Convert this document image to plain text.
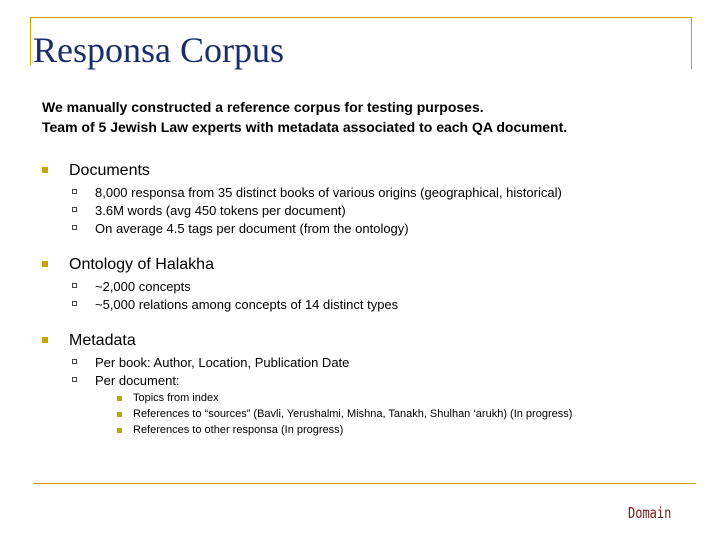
Responsa Corpus
We manually constructed a reference corpus for testing purposes.
Team of 5 Jewish Law experts with metadata associated to each QA document.
Documents
8,000 responsa from 35 distinct books of various origins (geographical, historical)
3.6M words (avg 450 tokens per document)
On average 4.5 tags per document (from the ontology)
Ontology of Halakha
~2,000 concepts
~5,000 relations among concepts of 14 distinct types
Metadata
Per book: Author, Location, Publication Date
Per document:
Topics from index
References to “sources” (Bavli, Yerushalmi, Mishna, Tanakh, Shulhan ‘arukh) (In progress)
References to other responsa (In progress)
Domain
